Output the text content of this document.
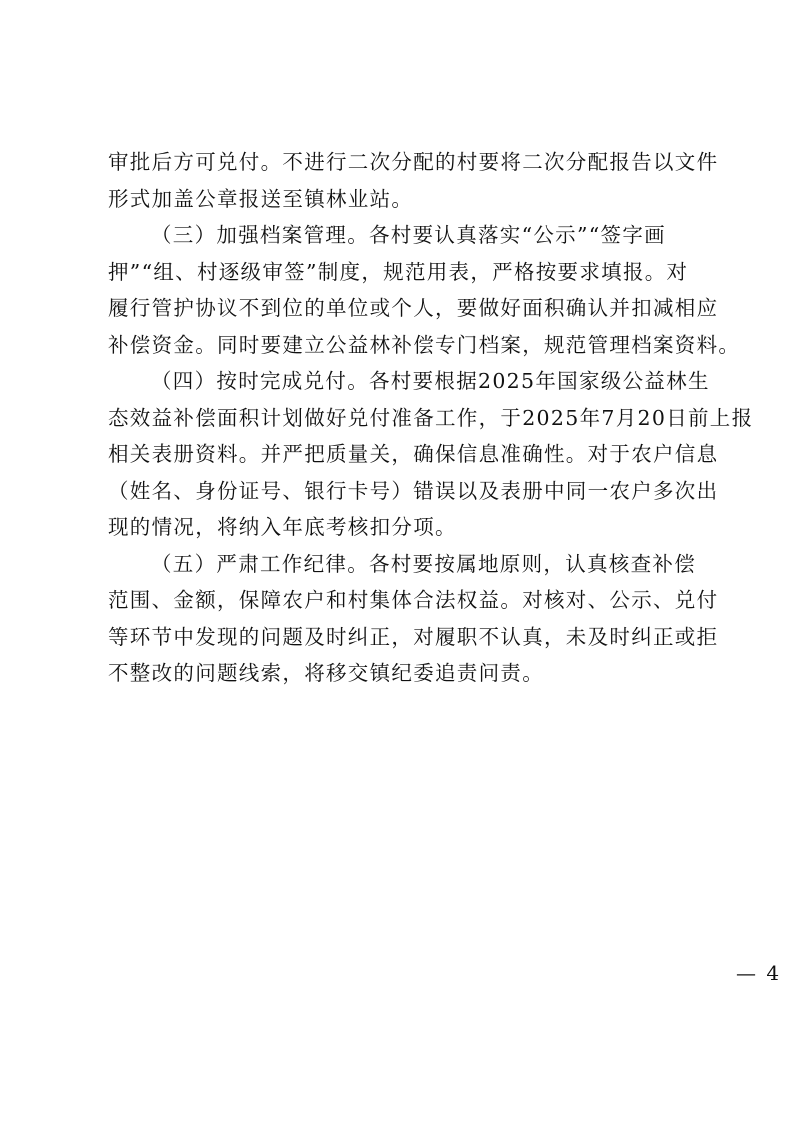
审批后方可兑付。不进行二次分配的村要将二次分配报告以文件
形式加盖公章报送至镇林业站。

（三）加强档案管理。各村要认真落实“公示”“签字画
押”“组、村逐级审签”制度，规范用表，严格按要求填报。对
履行管护协议不到位的单位或个人，要做好面积确认并扣减相应
补偿资金。同时要建立公益林补偿专门档案，规范管理档案资料。

（四）按时完成兑付。各村要根据2025年国家级公益林生
态效益补偿面积计划做好兑付准备工作，于2025年7月20日前上报
相关表册资料。并严把质量关，确保信息准确性。对于农户信息
（姓名、身份证号、银行卡号）错误以及表册中同一农户多次出
现的情况，将纳入年底考核扣分项。

（五）严肃工作纪律。各村要按属地原则，认真核查补偿
范围、金额，保障农户和村集体合法权益。对核对、公示、兑付
等环节中发现的问题及时纠正，对履职不认真，未及时纠正或拒
不整改的问题线索，将移交镇纪委追责问责。

— 4
